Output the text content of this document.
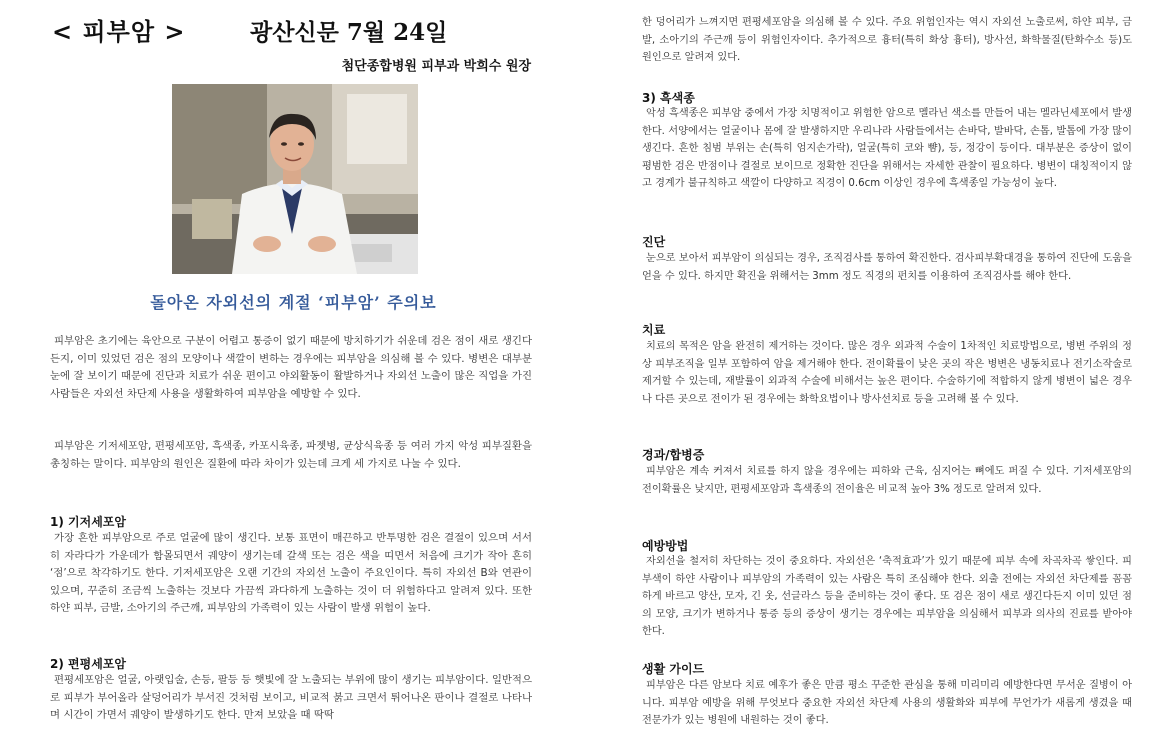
< 피부암 >	광산신문 7월 24일
첨단종합병원 피부과 박희수 원장
돌아온 자외선의 계절 ‘피부암’ 주의보

피부암은 초기에는 육안으로 구분이 어렵고 통증이 없기 때문에 방치하기가 쉬운데 검은 점이 새로 생긴다든지, 이미 있었던 검은 점의 모양이나 색깔이 변하는 경우에는 피부암을 의심해 볼 수 있다. 병변은 대부분 눈에 잘 보이기 때문에 진단과 치료가 쉬운 편이고 야외활동이 활발하거나 자외선 노출이 많은 직업을 가진 사람들은 자외선 차단제 사용을 생활화하여 피부암을 예방할 수 있다.

피부암은 기저세포암, 편평세포암, 흑색종, 카포시육종, 파젯병, 균상식육종 등 여러 가지 악성 피부질환을 총칭하는 말이다. 피부암의 원인은 질환에 따라 차이가 있는데 크게 세 가지로 나눌 수 있다.

1) 기저세포암

가장 흔한 피부암으로 주로 얼굴에 많이 생긴다. 보통 표면이 매끈하고 반투명한 검은 결절이 있으며 서서히 자라다가 가운데가 함몰되면서 궤양이 생기는데 갈색 또는 검은 색을 띠면서 처음에 크기가 작아 흔히 ‘점’으로 착각하기도 한다. 기저세포암은 오랜 기간의 자외선 노출이 주요인이다. 특히 자외선 B와 연관이 있으며, 꾸준히 조금씩 노출하는 것보다 가끔씩 과다하게 노출하는 것이 더 위험하다고 알려져 있다. 또한 하얀 피부, 금발, 소아기의 주근깨, 피부암의 가족력이 있는 사람이 발생 위험이 높다.

2) 편평세포암

편평세포암은 얼굴, 아랫입술, 손등, 팔등 등 햇빛에 잘 노출되는 부위에 많이 생기는 피부암이다. 일반적으로 피부가 부어올라 살덩어리가 부서진 것처럼 보이고, 비교적 붉고 크면서 튀어나온 판이나 결절로 나타나며 시간이 가면서 궤양이 발생하기도 한다. 만져 보았을 때 딱딱

한 덩어리가 느껴지면 편평세포암을 의심해 볼 수 있다. 주요 위험인자는 역시 자외선 노출로써, 하얀 피부, 금발, 소아기의 주근깨 등이 위험인자이다. 추가적으로 흉터(특히 화상 흉터), 방사선, 화학물질(탄화수소 등)도 원인으로 알려져 있다.

3) 흑색종

악성 흑색종은 피부암 중에서 가장 치명적이고 위험한 암으로 멜라닌 색소를 만들어 내는 멜라닌세포에서 발생한다. 서양에서는 얼굴이나 몸에 잘 발생하지만 우리나라 사람들에서는 손바닥, 발바닥, 손톱, 발톱에 가장 많이 생긴다. 흔한 침범 부위는 손(특히 엄지손가락), 얼굴(특히 코와 뺨), 등, 정강이 등이다. 대부분은 증상이 없이 평범한 검은 반점이나 결절로 보이므로 정확한 진단을 위해서는 자세한 관찰이 필요하다. 병변이 대칭적이지 않고 경계가 불규칙하고 색깔이 다양하고 직경이 0.6cm 이상인 경우에 흑색종일 가능성이 높다.

진단

눈으로 보아서 피부암이 의심되는 경우, 조직검사를 통하여 확진한다. 검사피부확대경을 통하여 진단에 도움을 얻을 수 있다. 하지만 확진을 위해서는 3mm 정도 직경의 펀치를 이용하여 조직검사를 해야 한다.

치료

치료의 목적은 암을 완전히 제거하는 것이다. 많은 경우 외과적 수술이 1차적인 치료방법으로, 병변 주위의 정상 피부조직을 일부 포함하여 암을 제거해야 한다. 전이확률이 낮은 곳의 작은 병변은 냉동치료나 전기소작술로 제거할 수 있는데, 재발률이 외과적 수술에 비해서는 높은 편이다. 수술하기에 적합하지 않게 병변이 넓은 경우나 다른 곳으로 전이가 된 경우에는 화학요법이나 방사선치료 등을 고려해 볼 수 있다.

경과/합병증

피부암은 계속 커져서 치료를 하지 않을 경우에는 피하와 근육, 심지어는 뼈에도 퍼질 수 있다. 기저세포암의 전이확률은 낮지만, 편평세포암과 흑색종의 전이율은 비교적 높아 3% 정도로 알려져 있다.

예방방법

자외선을 철저히 차단하는 것이 중요하다. 자외선은 ‘축적효과’가 있기 때문에 피부 속에 차곡차곡 쌓인다. 피부색이 하얀 사람이나 피부암의 가족력이 있는 사람은 특히 조심해야 한다. 외출 전에는 자외선 차단제를 꼼꼼하게 바르고 양산, 모자, 긴 옷, 선글라스 등을 준비하는 것이 좋다. 또 검은 점이 새로 생긴다든지 이미 있던 점의 모양, 크기가 변하거나 통증 등의 증상이 생기는 경우에는 피부암을 의심해서 피부과 의사의 진료를 받아야 한다.

생활 가이드

피부암은 다른 암보다 치료 예후가 좋은 만큼 평소 꾸준한 관심을 통해 미리미리 예방한다면 무서운 질병이 아니다. 피부암 예방을 위해 무엇보다 중요한 자외선 차단제 사용의 생활화와 피부에 무언가가 새롭게 생겼을 때 전문가가 있는 병원에 내원하는 것이 좋다.
